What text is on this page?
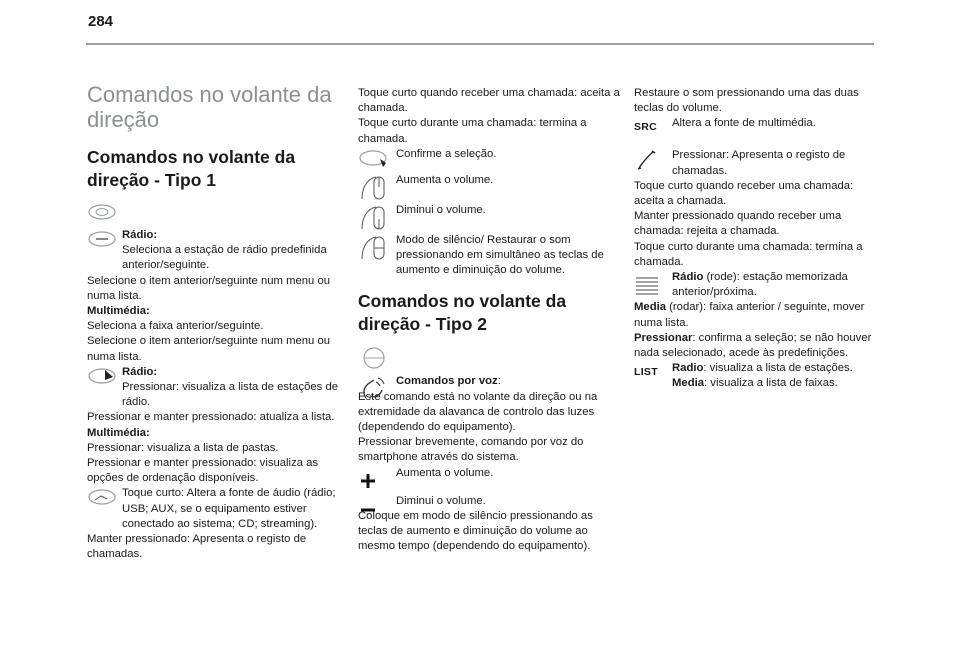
284
Comandos no volante da direção
Comandos no volante da direção - Tipo 1

Rádio:

Seleciona a estação de rádio predefinida anterior/seguinte.

Selecione o item anterior/seguinte num menu ou numa lista.

Multimédia:

Seleciona a faixa anterior/seguinte.

Selecione o item anterior/seguinte num menu ou numa lista.

Rádio:

Pressionar: visualiza a lista de estações de rádio.

Pressionar e manter pressionado: atualiza a lista.

Multimédia:

Pressionar: visualiza a lista de pastas.

Pressionar e manter pressionado: visualiza as opções de ordenação disponíveis.

Toque curto: Altera a fonte de áudio (rádio; USB; AUX, se o equipamento estiver conectado ao sistema; CD; streaming).

Manter pressionado: Apresenta o registo de chamadas.

Toque curto quando receber uma chamada: aceita a chamada.

Toque curto durante uma chamada: termina a chamada.

Confirme a seleção.

Aumenta o volume.

Diminui o volume.

Modo de silêncio/ Restaurar o som pressionando em simultâneo as teclas de aumento e diminuição do volume.

Comandos no volante da direção - Tipo 2

Comandos por voz:

Este comando está no volante da direção ou na extremidade da alavanca de controlo das luzes (dependendo do equipamento).

Pressionar brevemente, comando por voz do smartphone através do sistema.

Aumenta o volume.

Diminui o volume.

Coloque em modo de silêncio pressionando as teclas de aumento e diminuição do volume ao mesmo tempo (dependendo do equipamento).

Restaure o som pressionando uma das duas teclas do volume.

SRC	Altera a fonte de multimédia.

Pressionar: Apresenta o registo de chamadas.

Toque curto quando receber uma chamada: aceita a chamada.

Manter pressionado quando receber uma chamada: rejeita a chamada.

Toque curto durante uma chamada: termina a chamada.

Rádio (rode): estação memorizada anterior/próxima.

Media (rodar): faixa anterior / seguinte, mover numa lista.

Pressionar: confirma a seleção; se não houver nada selecionado, acede às predefinições.

LIST	Radio: visualiza a lista de estações.

Media: visualiza a lista de faixas.
